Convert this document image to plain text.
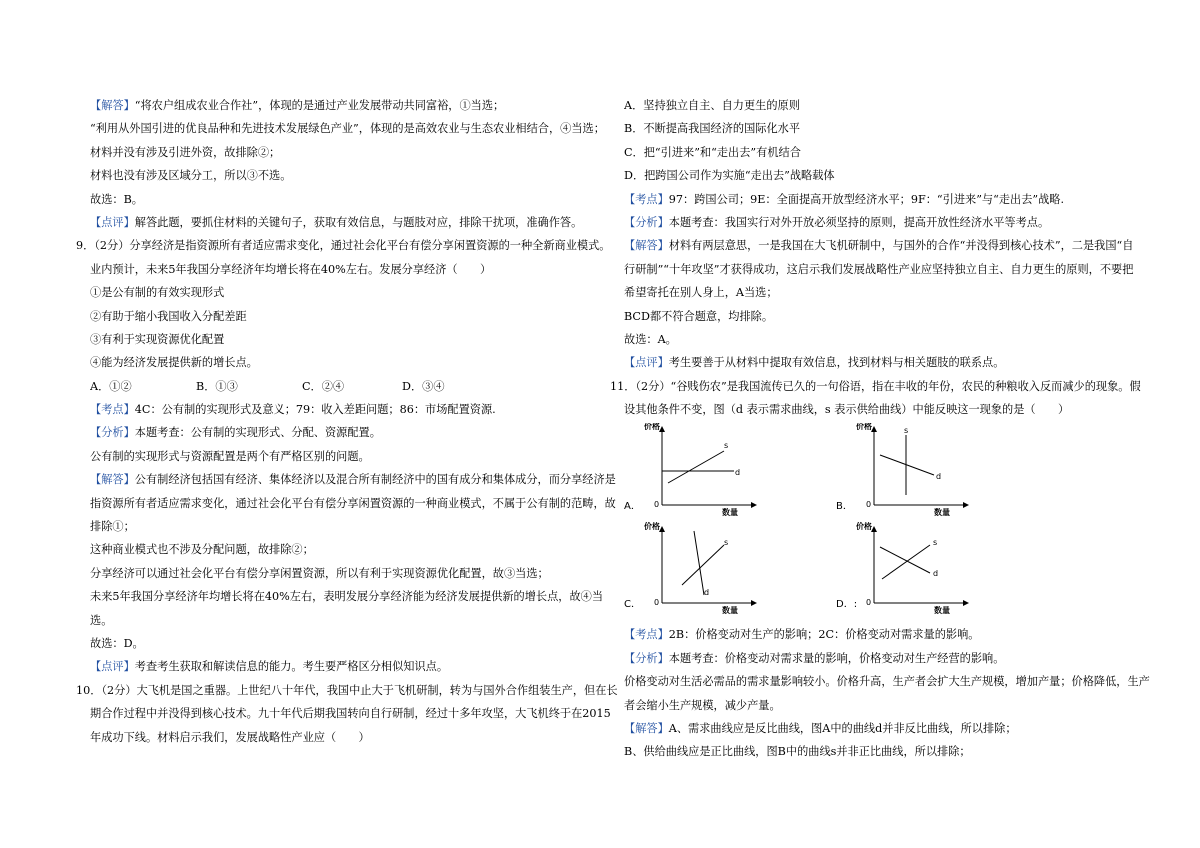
【解答】“将农户组成农业合作社”，体现的是通过产业发展带动共同富裕，①当选；
“利用从外国引进的优良品种和先进技术发展绿色产业”，体现的是高效农业与生态农业相结合，④当选；
材料并没有涉及引进外资，故排除②；
材料也没有涉及区域分工，所以③不选。
故选：B。
【点评】解答此题，要抓住材料的关键句子，获取有效信息，与题肢对应，排除干扰项，准确作答。
9．（2分）分享经济是指资源所有者适应需求变化，通过社会化平台有偿分享闲置资源的一种全新商业模式。
业内预计，未来5年我国分享经济年均增长将在40%左右。发展分享经济（　　）
①是公有制的有效实现形式
②有助于缩小我国收入分配差距
③有利于实现资源优化配置
④能为经济发展提供新的增长点。
A．①②	B．①③	C．②④	D．③④
【考点】4C：公有制的实现形式及意义；79：收入差距问题；86：市场配置资源.
【分析】本题考查：公有制的实现形式、分配、资源配置。
公有制的实现形式与资源配置是两个有严格区别的问题。
【解答】公有制经济包括国有经济、集体经济以及混合所有制经济中的国有成分和集体成分，而分享经济是
指资源所有者适应需求变化，通过社会化平台有偿分享闲置资源的一种商业模式，不属于公有制的范畴，故
排除①；
这种商业模式也不涉及分配问题，故排除②；
分享经济可以通过社会化平台有偿分享闲置资源，所以有利于实现资源优化配置，故③当选；
未来5年我国分享经济年均增长将在40%左右，表明发展分享经济能为经济发展提供新的增长点，故④当
选。
故选：D。
【点评】考查考生获取和解读信息的能力。考生要严格区分相似知识点。
10．（2分）大飞机是国之重器。上世纪八十年代，我国中止大于飞机研制，转为与国外合作组装生产，但在长
期合作过程中并没得到核心技术。九十年代后期我国转向自行研制，经过十多年攻坚，大飞机终于在2015
年成功下线。材料启示我们，发展战略性产业应（　　）
A．坚持独立自主、自力更生的原则
B．不断提高我国经济的国际化水平
C．把“引进来”和“走出去”有机结合
D．把跨国公司作为实施“走出去”战略载体
【考点】97：跨国公司；9E：全面提高开放型经济水平；9F：“引进来”与“走出去”战略.
【分析】本题考查：我国实行对外开放必须坚持的原则，提高开放性经济水平等考点。
【解答】材料有两层意思，一是我国在大飞机研制中，与国外的合作“并没得到核心技术”，二是我国“自
行研制”“十年攻坚”才获得成功，这启示我们发展战略性产业应坚持独立自主、自力更生的原则，不要把
希望寄托在别人身上，A当选；
BCD都不符合题意，均排除。
故选：A。
【点评】考生要善于从材料中提取有效信息，找到材料与相关题肢的联系点。
11．（2分）“谷贱伤农”是我国流传已久的一句俗语，指在丰收的年份，农民的种粮收入反而减少的现象。假
设其他条件不变，图（d 表示需求曲线，s 表示供给曲线）中能反映这一现象的是（　　）
价格
数量
0
s
d
A．
价格
数量
0
s
d
B．
价格
数量
0
s
d
C．
价格
数量
0
s
d
D．:
【考点】2B：价格变动对生产的影响；2C：价格变动对需求量的影响。
【分析】本题考查：价格变动对需求量的影响，价格变动对生产经营的影响。
价格变动对生活必需品的需求量影响较小。价格升高，生产者会扩大生产规模，增加产量；价格降低，生产
者会缩小生产规模，减少产量。
【解答】A、需求曲线应是反比曲线，图A中的曲线d并非反比曲线，所以排除；
B、供给曲线应是正比曲线，图B中的曲线s并非正比曲线，所以排除；
